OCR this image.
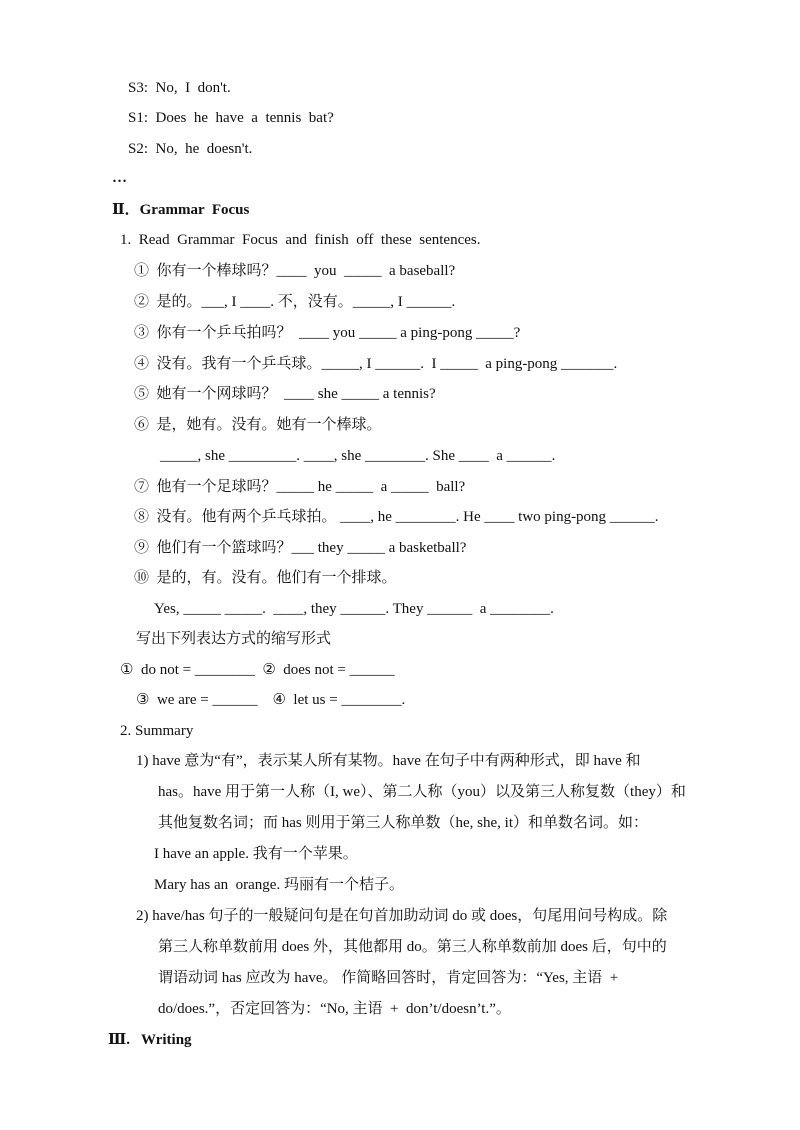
S3:  No,  I  don't.
S1:  Does  he  have  a  tennis  bat?
S2:  No,  he  doesn't.
…
Ⅱ．Grammar  Focus
1.  Read  Grammar  Focus  and  finish  off  these  sentences.
①  你有一个棒球吗？____  you  _____  a baseball?
②  是的。___, I ____. 不，没有。_____, I ______.
③  你有一个乒乓拍吗？  ____ you _____ a ping-pong _____?
④  没有。我有一个乒乓球。_____, I ______.  I _____  a ping-pong _______.
⑤  她有一个网球吗？  ____ she _____ a tennis?
⑥  是，她有。没有。她有一个棒球。
_____, she _________. ____, she ________. She ____  a ______.
⑦  他有一个足球吗？_____ he _____  a _____  ball?
⑧  没有。他有两个乒乓球拍。 ____, he ________. He ____ two ping-pong ______.
⑨  他们有一个篮球吗？___ they _____ a basketball?
⑩  是的，有。没有。他们有一个排球。
Yes, _____ _____.  ____, they ______. They ______  a ________.
写出下列表达方式的缩写形式
①  do not = ________  ②  does not = ______
③  we are = ______    ④  let us = ________.
2. Summary
1) have 意为“有”，表示某人所有某物。have 在句子中有两种形式，即 have 和
has。have 用于第一人称（I, we）、第二人称（you）以及第三人称复数（they）和
其他复数名词；而 has 则用于第三人称单数（he, she, it）和单数名词。如：
I have an apple. 我有一个苹果。
Mary has an  orange. 玛丽有一个桔子。
2) have/has 句子的一般疑问句是在句首加助动词 do 或 does，句尾用问号构成。除
第三人称单数前用 does 外，其他都用 do。第三人称单数前加 does 后，句中的
谓语动词 has 应改为 have。 作简略回答时，肯定回答为：“Yes, 主语  +
do/does.”，否定回答为：“No, 主语  +  don’t/doesn’t.”。
Ⅲ.   Writing
